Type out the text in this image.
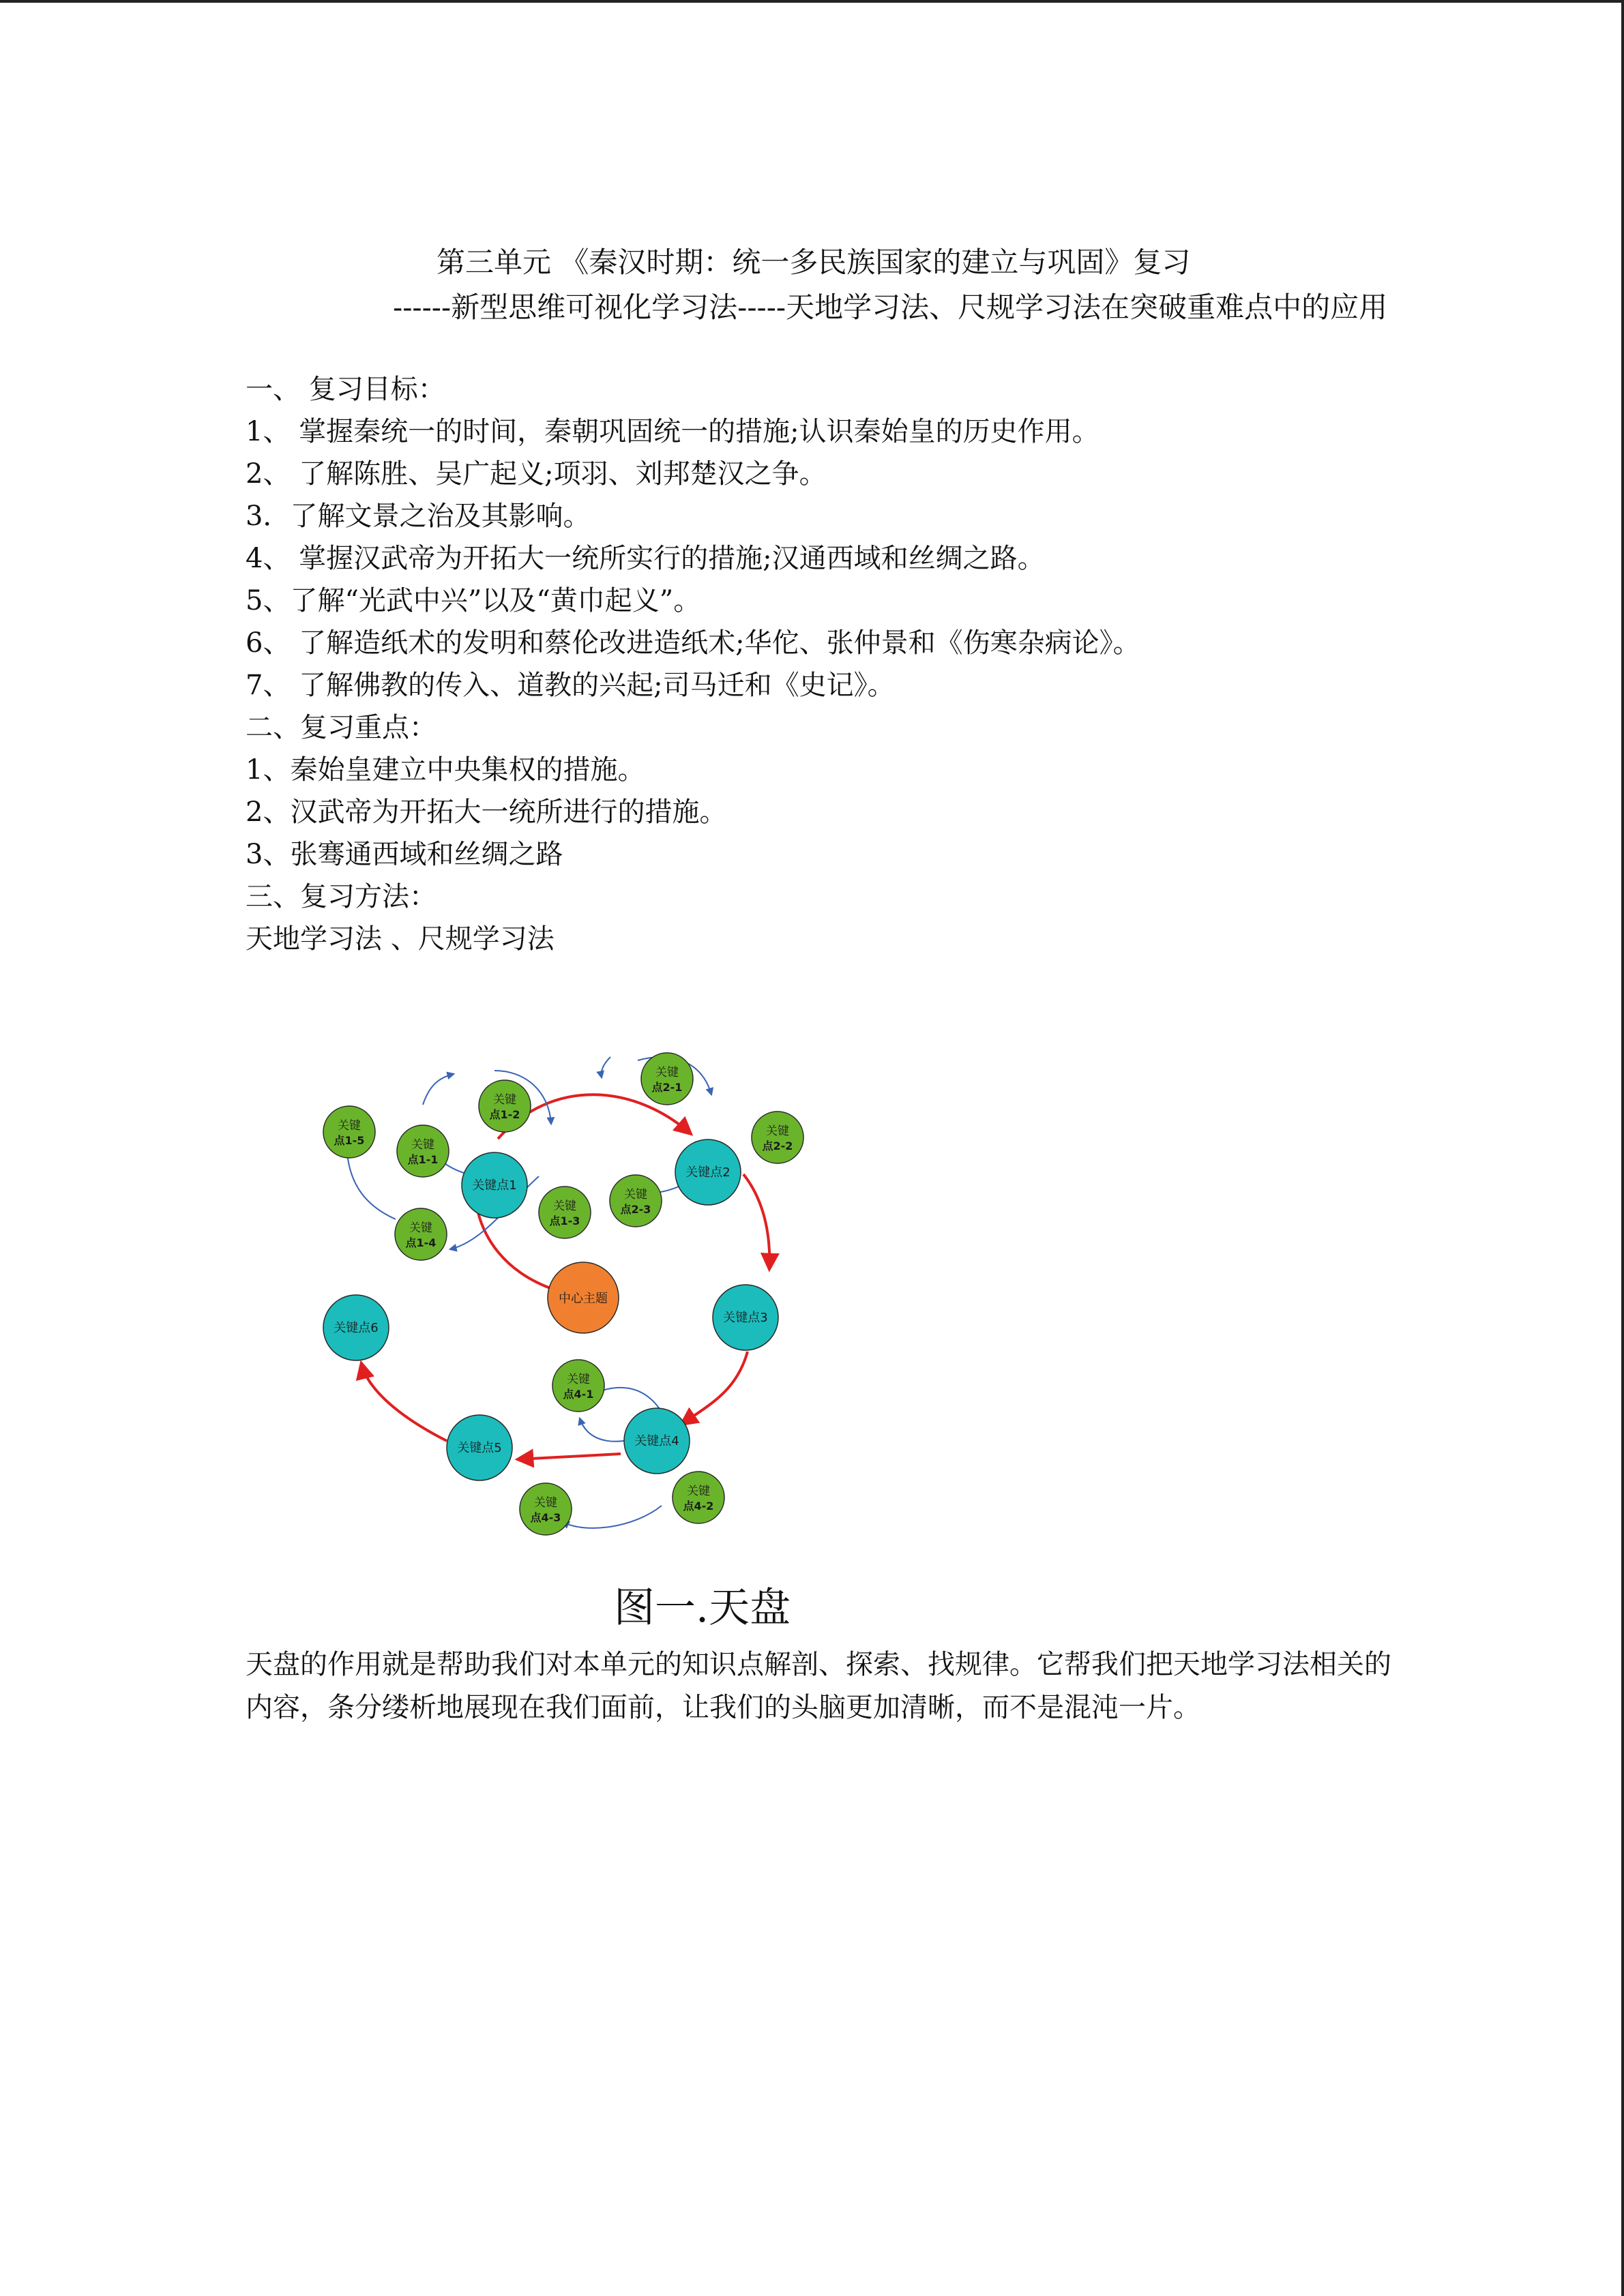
第三单元 《秦汉时期：统一多民族国家的建立与巩固》复习
------新型思维可视化学习法-----天地学习法、尺规学习法在突破重难点中的应用
一、 复习目标：
1、 掌握秦统一的时间，秦朝巩固统一的措施;认识秦始皇的历史作用。
2、 了解陈胜、吴广起义;项羽、刘邦楚汉之争。
3．了解文景之治及其影响。
4、 掌握汉武帝为开拓大一统所实行的措施;汉通西域和丝绸之路。
5、了解“光武中兴”以及“黄巾起义”。
6、 了解造纸术的发明和蔡伦改进造纸术;华佗、张仲景和《伤寒杂病论》。
7、 了解佛教的传入、道教的兴起;司马迁和《史记》。
二、复习重点：
1、秦始皇建立中央集权的措施。
2、汉武帝为开拓大一统所进行的措施。
3、张骞通西域和丝绸之路
三、复习方法：
天地学习法 、尺规学习法
中心主题
关键点1
关键点2
关键点3
关键点4
关键点5
关键点6
关键
点1-1
关键
点1-2
关键
点1-3
关键
点1-4
关键
点1-5
关键
点2-1
关键
点2-2
关键
点2-3
关键
点4-1
关键
点4-2
关键
点4-3
图一.天盘
天盘的作用就是帮助我们对本单元的知识点解剖、探索、找规律。它帮我们把天地学习法相关的内容，条分缕析地展现在我们面前，让我们的头脑更加清晰，而不是混沌一片。
